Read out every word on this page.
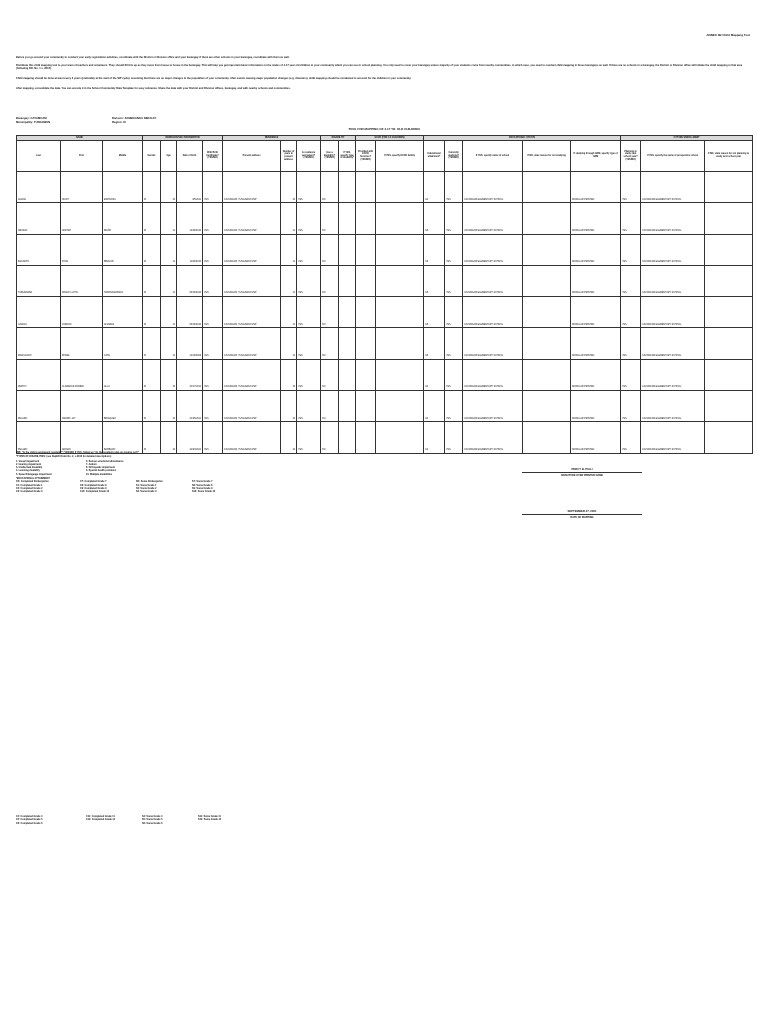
ANNEX 3B Child Mapping Tool
Before you go around your community to conduct your early registration activities, coordinate with the District or Division office and your barangay. If there are other schools in your barangay, coordinate with them as well.
Distribute this child mapping tool to your team of teachers and volunteers. They should fill this up as they move from house to house in the barangay. This will help you get important basic information on the status of 4-17 year old children in your community which you can use in school planning. You only need to cover your barangay unless majority of your students come from nearby communities, in which case, you need to conduct child mapping in those barangays as well. If there are no schools in a barangay, the District or Division office will initiate the child mapping in that area (following DO. No. 1 s. 2015).
Child mapping should be done at least every 3 years (preferably at the start of the SIP cycle), assuming that there are no major changes in the population of your community. After events causing major population changes (e.g. disasters), child mapping should be conducted to account for the children in your community.
After mapping, consolidate the data. You can encode it in the School Community Data Template for easy reference. Share the data with your District and Division offices, barangay, and with nearby schools and communities.
Barangay: CAYAMCAM
Municipality: TUNGAWAN
Division: ZAMBOANGA SIBUGAY
Region: IX
TOOL FOR MAPPING OF 4-17 YR. OLD CHILDREN
NAME			DEMOGRAPHIC INFORMATION				RESIDENCE			DISABILITY		ECCD (FOR 4-6 CHILDREN)		EDUCATIONAL STATUS					FUTURE ENROLLMENT		
Last	First	Middle	Gender	Age	Date of birth	With Birth Certificate? (YES/NO)	Present address	Number of years in present address	Is residence permanent? (YES/NO)	Has a disability? (YES/NO)	If YES, specify type of disability*	Provided with ECCD Services? (YES/NO)	If YES, specify ECCD facility	Educational attainment*	Currently studying? (YES/NO)	If YES, specify name of school	If NO, state reason for not studying	If studying through ADM, specify type of ADM	Planning to study next school year? (YES/NO)	If YES, specify the name of prospective school	If NO, state reason for not planning to study next school year
ACENA	NOAH	ESPINOSA	M	10	4/5/2011	YES	CAYAMCAM, TUNGAWAN ZSP	10	YES	NO				G4	YES	CAYAMCAM ELEMENTARY SCHOOL		MODULAR PRINTED	YES	CAYAMCAM ELEMENTARY SCHOOL	
ABASAN	JESTER	IBAÑO	M	11	12/28/2010	YES	CAYAMCAM, TUNGAWAN ZSP	11	YES	NO				G5	YES	CAYAMCAM ELEMENTARY SCHOOL		MODULAR PRINTED	YES	CAYAMCAM ELEMENTARY SCHOOL	
BACARTO	RYAN	BIBALOP	M	11	11/25/2010	YES	CAYAMCAM, TUNGAWAN ZSP	11	YES	NO				G5	YES	CAYAMCAM ELEMENTARY SCHOOL		MODULAR PRINTED	YES	CAYAMCAM ELEMENTARY SCHOOL	
TUBURANBA	FRANK LLOYD	HABANANDPANG	M	11	09/16/2010	YES	CAYAMCAM, TUNGAWAN ZSP	11	YES	NO				G5	YES	CAYAMCAM ELEMENTARY SCHOOL		MODULAR PRINTED	YES	CAYAMCAM ELEMENTARY SCHOOL	
GARCIA	JORDAN	ALVAREZ	M	11	09/16/2010	YES	CAYAMCAM, TUNGAWAN ZSP	11	YES	NO				G5	YES	CAYAMCAM ELEMENTARY SCHOOL		MODULAR PRINTED	YES	CAYAMCAM ELEMENTARY SCHOOL	
MANGCADO	RONEL	CATE	M	12	12/19/2009	YES	CAYAMCAM, TUNGAWAN ZSP	12	YES	NO				G5	YES	CAYAMCAM ELEMENTARY SCHOOL		MODULAR PRINTED	YES	CAYAMCAM ELEMENTARY SCHOOL	
PEPITO	CLARENCE ROMER	ALLA	M	10	01/17/2011	YES	CAYAMCAM, TUNGAWAN ZSP	10	YES	NO				G4	YES	CAYAMCAM ELEMENTARY SCHOOL		MODULAR PRINTED	YES	CAYAMCAM ELEMENTARY SCHOOL	
PELARO	CEDRIC JAY	BIRAQUEZ	M	10	01/25/2011	YES	CAYAMCAM, TUNGAWAN ZSP	10	YES	NO				G4	YES	CAYAMCAM ELEMENTARY SCHOOL		MODULAR PRINTED	YES	CAYAMCAM ELEMENTARY SCHOOL	
PELARO	ADRIAN	BARBANO	M	10	02/23/2011	YES	CAYAMCAM, TUNGAWAN ZSP	10	YES	NO				G4	YES	CAYAMCAM ELEMENTARY SCHOOL		MODULAR PRINTED	YES	CAYAMCAM ELEMENTARY SCHOOL	
*NB: "Is the child a permanent resident?" (YES/NO) If YES, follow up "do the residents plan on moving out?"
*TYPES OF DISABILITIES: (see DepED Order No. 2, s.2016 for detailed descriptions)
1. Visual impairment
2. Hearing impairment
3. Intellectual disability
4. Learning disability
5. Speech/language impairment
6. Serious emotional disturbance
7. Autism
8. Orthopedic impairment
9. Special health problems
10. Multiple disabilities
*EDUCATIONAL ATTAINMENT
CK: Completed Kindergarten
C1: Completed Grade 1
C2: Completed Grade 2
C3: Completed Grade 3
C7: Completed Grade 7
C8: Completed Grade 8
C9: Completed Grade 9
C10: Completed Grade 10
SK: Some Kindergarten
S1: Some Grade 1
S2: Some Grade 2
S3: Some Grade 3
S7: Some Grade 7
S8: Some Grade 8
S9: Some Grade 9
S10: Some Grade 10
PERCY B. PIALI
SIGNATURE OVER PRINTED NAME
SEPTEMBER 27, 2021
DATE OF MAPPING
C4: Completed Grade 4
C5: Completed Grade 5
C6: Completed Grade 6
C11: Completed Grade 11
C12: Completed Grade 12
S4: Some Grade 4
S5: Some Grade 5
S6: Some Grade 6
S11: Some Grade 11
S12: Some Grade 12
